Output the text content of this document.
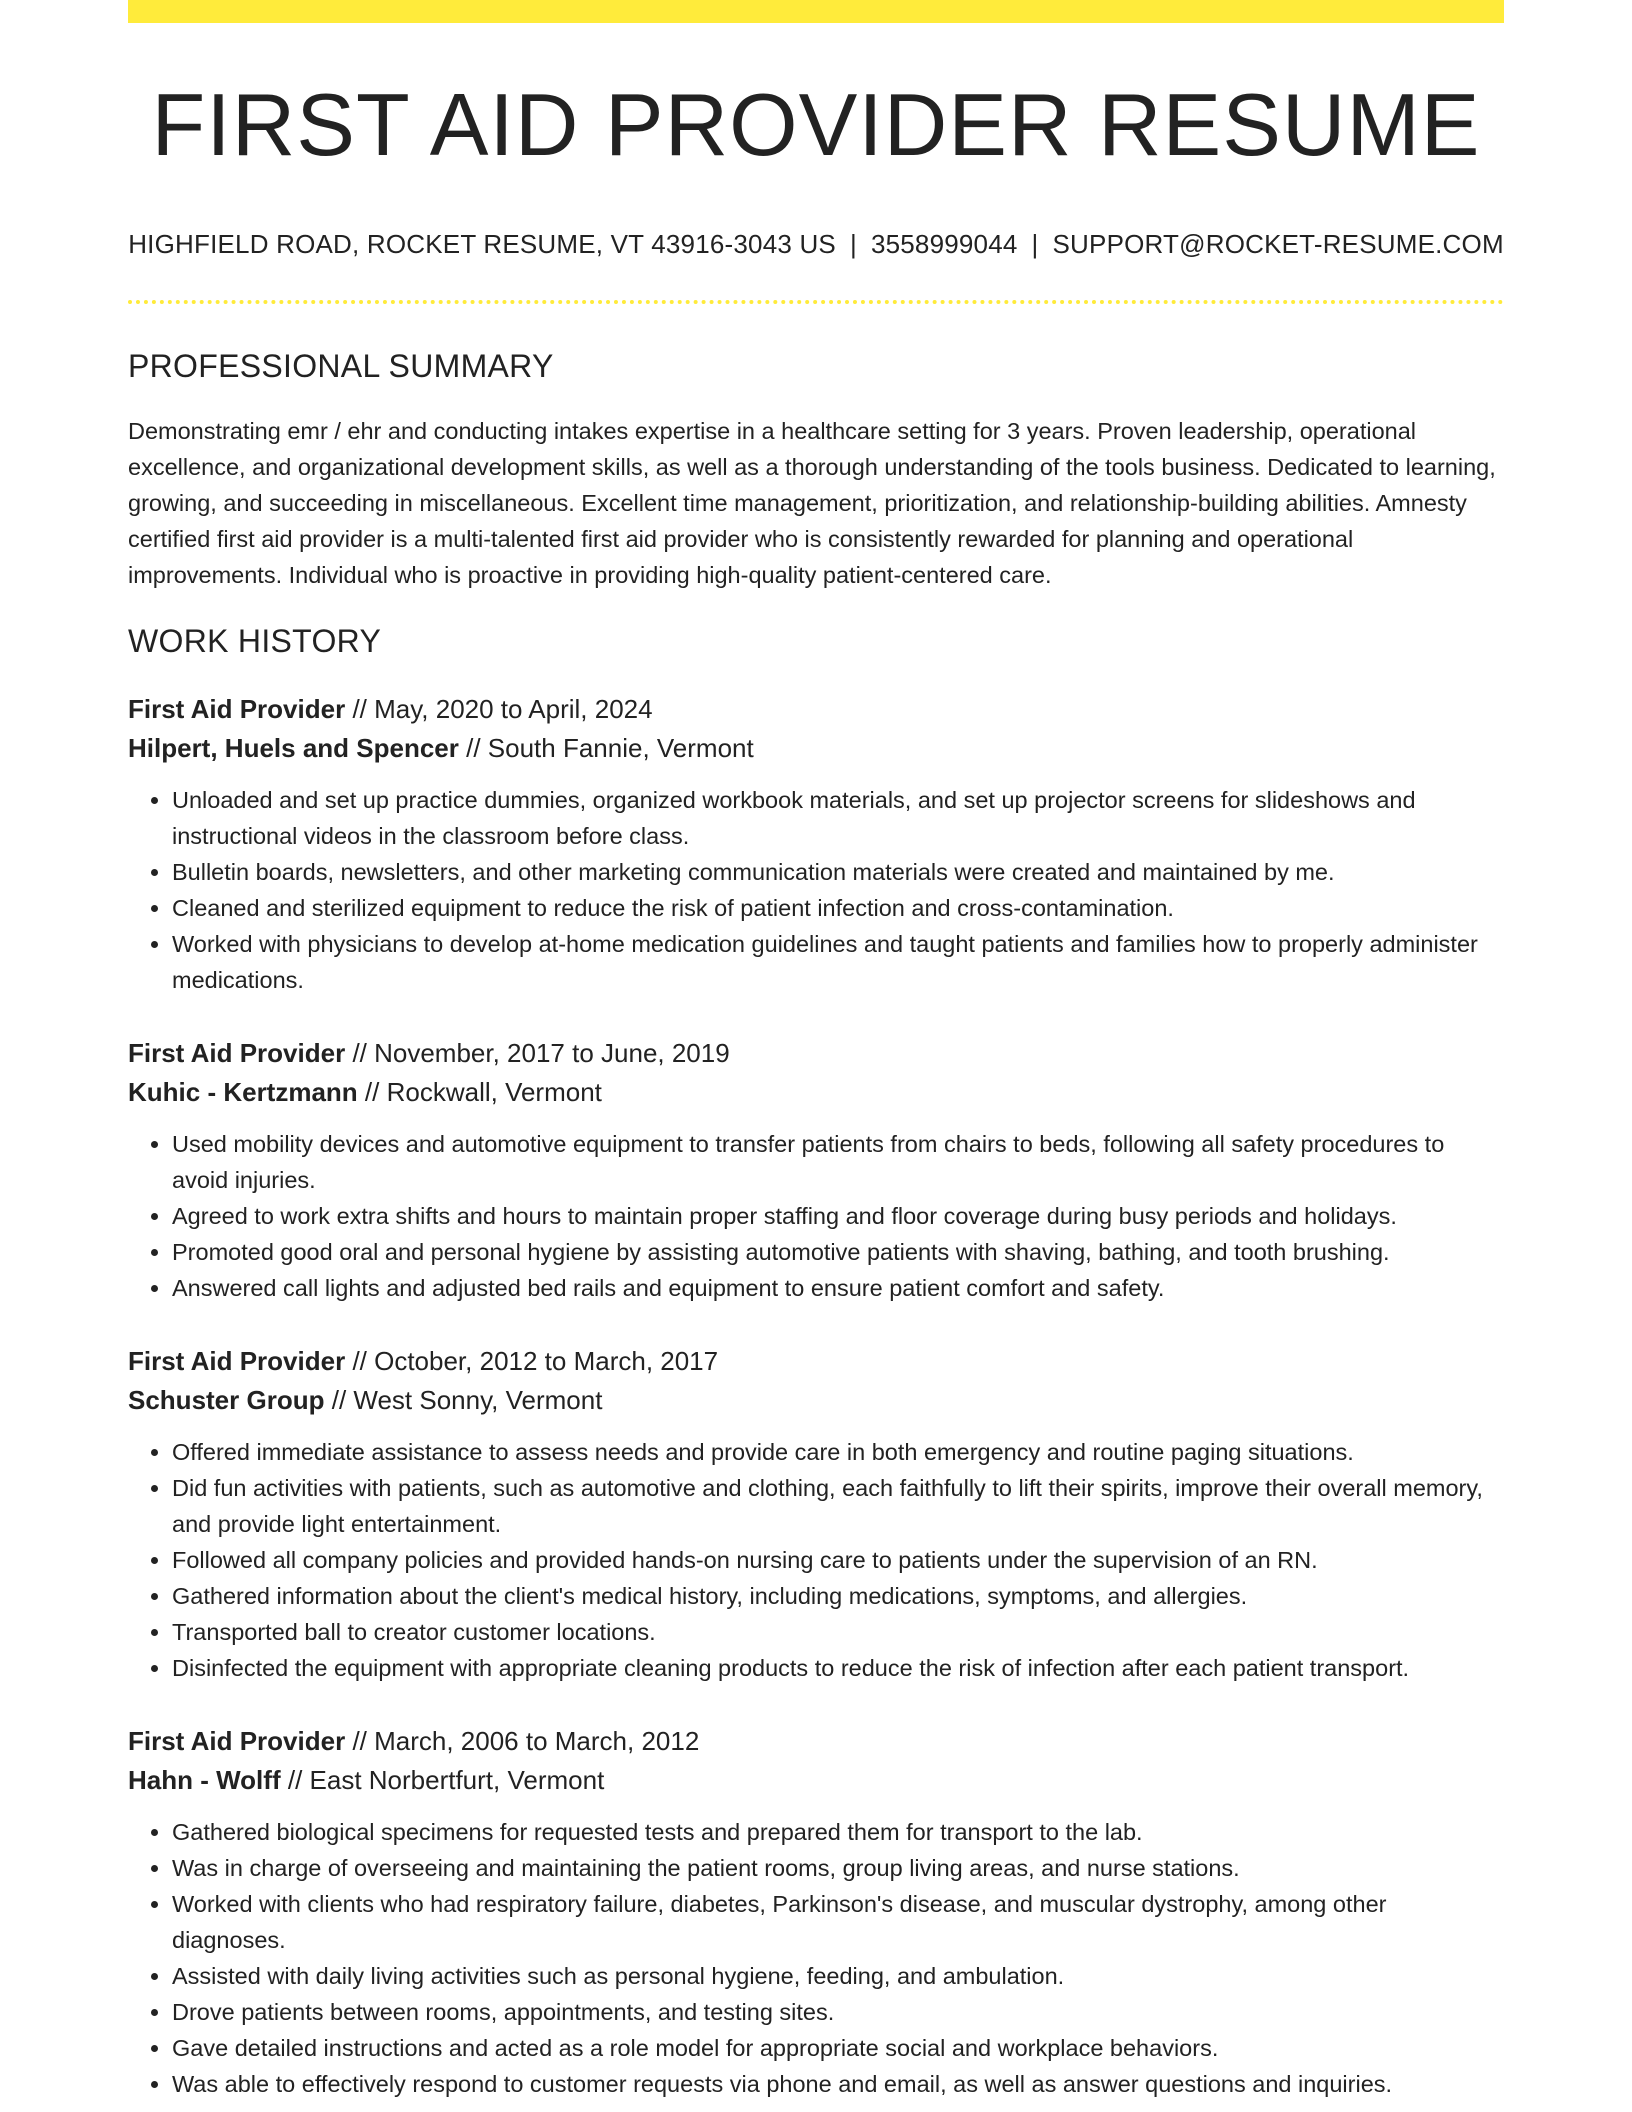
FIRST AID PROVIDER RESUME
HIGHFIELD ROAD, ROCKET RESUME, VT 43916-3043 US | 3558999044 | SUPPORT@ROCKET-RESUME.COM
PROFESSIONAL SUMMARY

Demonstrating emr / ehr and conducting intakes expertise in a healthcare setting for 3 years. Proven leadership, operational excellence, and organizational development skills, as well as a thorough understanding of the tools business. Dedicated to learning, growing, and succeeding in miscellaneous. Excellent time management, prioritization, and relationship-building abilities. Amnesty certified first aid provider is a multi-talented first aid provider who is consistently rewarded for planning and operational improvements. Individual who is proactive in providing high-quality patient-centered care.

WORK HISTORY
First Aid Provider // May, 2020 to April, 2024
Hilpert, Huels and Spencer // South Fannie, Vermont
• Unloaded and set up practice dummies, organized workbook materials, and set up projector screens for slideshows and instructional videos in the classroom before class.
• Bulletin boards, newsletters, and other marketing communication materials were created and maintained by me.
• Cleaned and sterilized equipment to reduce the risk of patient infection and cross-contamination.
• Worked with physicians to develop at-home medication guidelines and taught patients and families how to properly administer medications.
First Aid Provider // November, 2017 to June, 2019
Kuhic - Kertzmann // Rockwall, Vermont
• Used mobility devices and automotive equipment to transfer patients from chairs to beds, following all safety procedures to avoid injuries.
• Agreed to work extra shifts and hours to maintain proper staffing and floor coverage during busy periods and holidays.
• Promoted good oral and personal hygiene by assisting automotive patients with shaving, bathing, and tooth brushing.
• Answered call lights and adjusted bed rails and equipment to ensure patient comfort and safety.
First Aid Provider // October, 2012 to March, 2017
Schuster Group // West Sonny, Vermont
• Offered immediate assistance to assess needs and provide care in both emergency and routine paging situations.
• Did fun activities with patients, such as automotive and clothing, each faithfully to lift their spirits, improve their overall memory, and provide light entertainment.
• Followed all company policies and provided hands-on nursing care to patients under the supervision of an RN.
• Gathered information about the client's medical history, including medications, symptoms, and allergies.
• Transported ball to creator customer locations.
• Disinfected the equipment with appropriate cleaning products to reduce the risk of infection after each patient transport.
First Aid Provider // March, 2006 to March, 2012
Hahn - Wolff // East Norbertfurt, Vermont
• Gathered biological specimens for requested tests and prepared them for transport to the lab.
• Was in charge of overseeing and maintaining the patient rooms, group living areas, and nurse stations.
• Worked with clients who had respiratory failure, diabetes, Parkinson's disease, and muscular dystrophy, among other diagnoses.
• Assisted with daily living activities such as personal hygiene, feeding, and ambulation.
• Drove patients between rooms, appointments, and testing sites.
• Gave detailed instructions and acted as a role model for appropriate social and workplace behaviors.
• Was able to effectively respond to customer requests via phone and email, as well as answer questions and inquiries.
